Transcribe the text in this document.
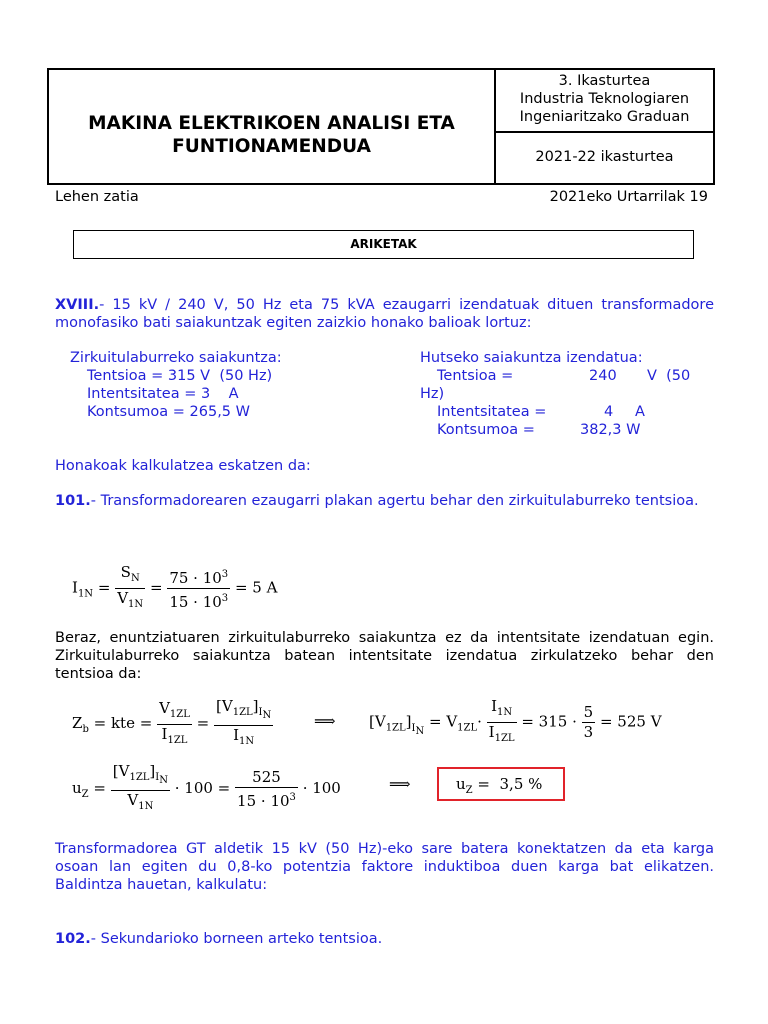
MAKINA ELEKTRIKOEN ANALISI ETA
FUNTIONAMENDUA
3. Ikasturtea
Industria Teknologiaren
Ingeniaritzako Graduan
2021-22 ikasturtea
Lehen zatia	2021eko Urtarrilak 19
ARIKETAK
XVIII.- 15 kV / 240 V, 50 Hz eta 75 kVA ezaugarri izendatuak dituen transformadore monofasiko bati saiakuntzak egiten zaizkio honako balioak lortuz:
Zirkuitulaburreko saiakuntza:
Tentsioa = 315 V  (50 Hz)
Intentsitatea = 3    A
Kontsumoa = 265,5 W
Hutseko saiakuntza izendatua:
Tentsioa =	240 V  (50
Hz)
Intentsitatea =	4 A
Kontsumoa =	382,3 W
Honakoak kalkulatzea eskatzen da:
101.- Transformadorearen ezaugarri plakan agertu behar den zirkuitulaburreko tentsioa.
$I_{1N} = \frac{S_N}{V_{1N}} = \frac{75 \cdot 10^3}{15 \cdot 10^3} = 5$ A
Beraz, enuntziatuaren zirkuitulaburreko saiakuntza ez da intentsitate izendatuan egin. Zirkuitulaburreko saiakuntza batean intentsitate izendatua zirkulatzeko behar den tentsioa da:
$Z_b$ = kte = $\frac{V_{1ZL}}{I_{1ZL}} = \frac{[V_{1ZL}]_{I_N}}{I_{1N}}$	⟹ $[V_{1ZL}]_{I_N} = V_{1ZL}\cdot \frac{I_{1N}}{I_{1ZL}} = 315 \cdot \frac{5}{3} = 525$ V
$u_Z = \frac{[V_{1ZL}]_{I_N}}{V_{1N}} \cdot 100 = \frac{525}{15 \cdot 10^3} \cdot 100$	⟹	$u_Z = 3,5$ %
Transformadorea GT aldetik 15 kV (50 Hz)-eko sare batera konektatzen da eta karga osoan lan egiten du 0,8-ko potentzia faktore induktiboa duen karga bat elikatzen. Baldintza hauetan, kalkulatu:
102.- Sekundarioko borneen arteko tentsioa.
